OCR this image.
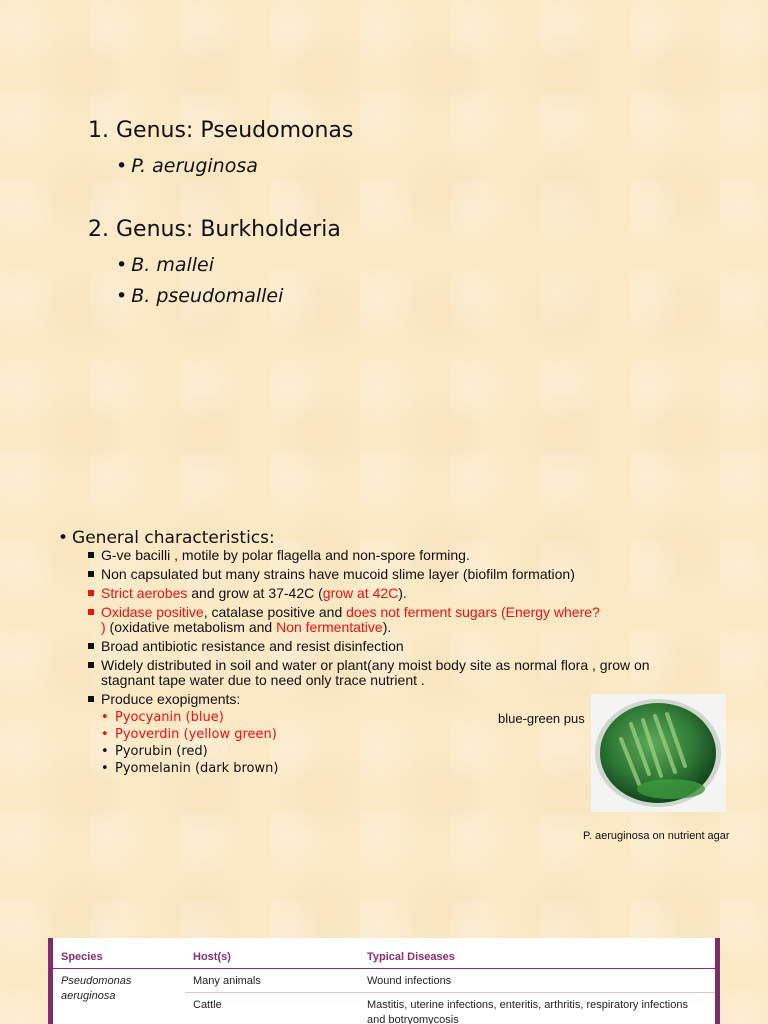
1. Genus: Pseudomonas
• P. aeruginosa
2. Genus: Burkholderia
• B. mallei
• B. pseudomallei
• General characteristics:
G-ve bacilli , motile by polar flagella and non-spore forming.
Non capsulated but many strains have mucoid slime layer (biofilm formation)
Strict aerobes and grow at 37-42C (grow at 42C).
Oxidase positive, catalase positive and does not ferment sugars (Energy where?
) (oxidative metabolism and Non fermentative).
Broad antibiotic resistance and resist disinfection
Widely distributed in soil and water or plant(any moist body site as normal flora , grow on stagnant tape water due to need only trace nutrient .
Produce exopigments:
• Pyocyanin (blue)
• Pyoverdin (yellow green)
• Pyorubin (red)
• Pyomelanin (dark brown)
blue-green pus
P. aeruginosa on nutrient agar
Species	Host(s)	Typical Diseases
Pseudomonas aeruginosa	Many animals	Wound infections
	Cattle	Mastitis, uterine infections, enteritis, arthritis, respiratory infections and botryomycosis
